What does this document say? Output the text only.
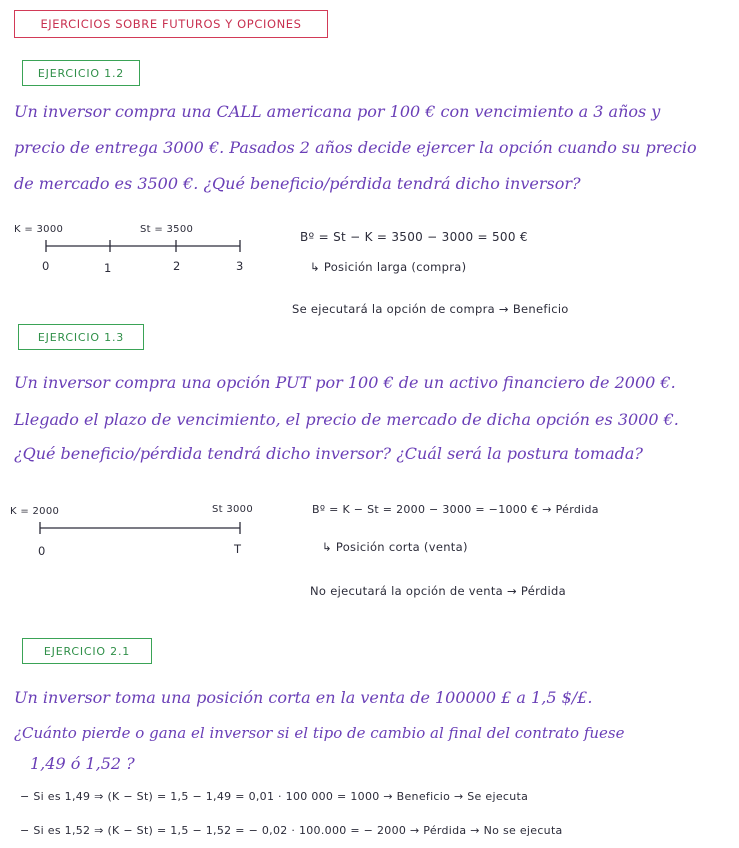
EJERCICIOS SOBRE FUTUROS Y OPCIONES
EJERCICIO 1.2
Un inversor compra una CALL americana por 100 € con vencimiento a 3 años y
precio de entrega 3000 €. Pasados 2 años decide ejercer la opción cuando su precio
de mercado es 3500 €. ¿Qué beneficio/pérdida tendrá dicho inversor?
K = 3000	St = 3500
0	1	2	3
Bº = St − K = 3500 − 3000 = 500 €
↳ Posición larga (compra)
Se ejecutará la opción de compra → Beneficio
EJERCICIO 1.3
Un inversor compra una opción PUT por 100 € de un activo financiero de 2000 €.
Llegado el plazo de vencimiento, el precio de mercado de dicha opción es 3000 €.
¿Qué beneficio/pérdida tendrá dicho inversor? ¿Cuál será la postura tomada?
K = 2000	St 3000
0	T
Bº = K − St = 2000 − 3000 = −1000 € → Pérdida
↳ Posición corta (venta)
No ejecutará la opción de venta → Pérdida
EJERCICIO 2.1
Un inversor toma una posición corta en la venta de 100000 £ a 1,5 $/£.
¿Cuánto pierde o gana el inversor si el tipo de cambio al final del contrato fuese
1,49 ó 1,52 ?
− Si es 1,49 ⇒ (K − St) = 1,5 − 1,49 = 0,01 · 100 000 = 1000 → Beneficio → Se ejecuta
− Si es 1,52 ⇒ (K − St) = 1,5 − 1,52 = − 0,02 · 100.000 = − 2000 → Pérdida → No se ejecuta
